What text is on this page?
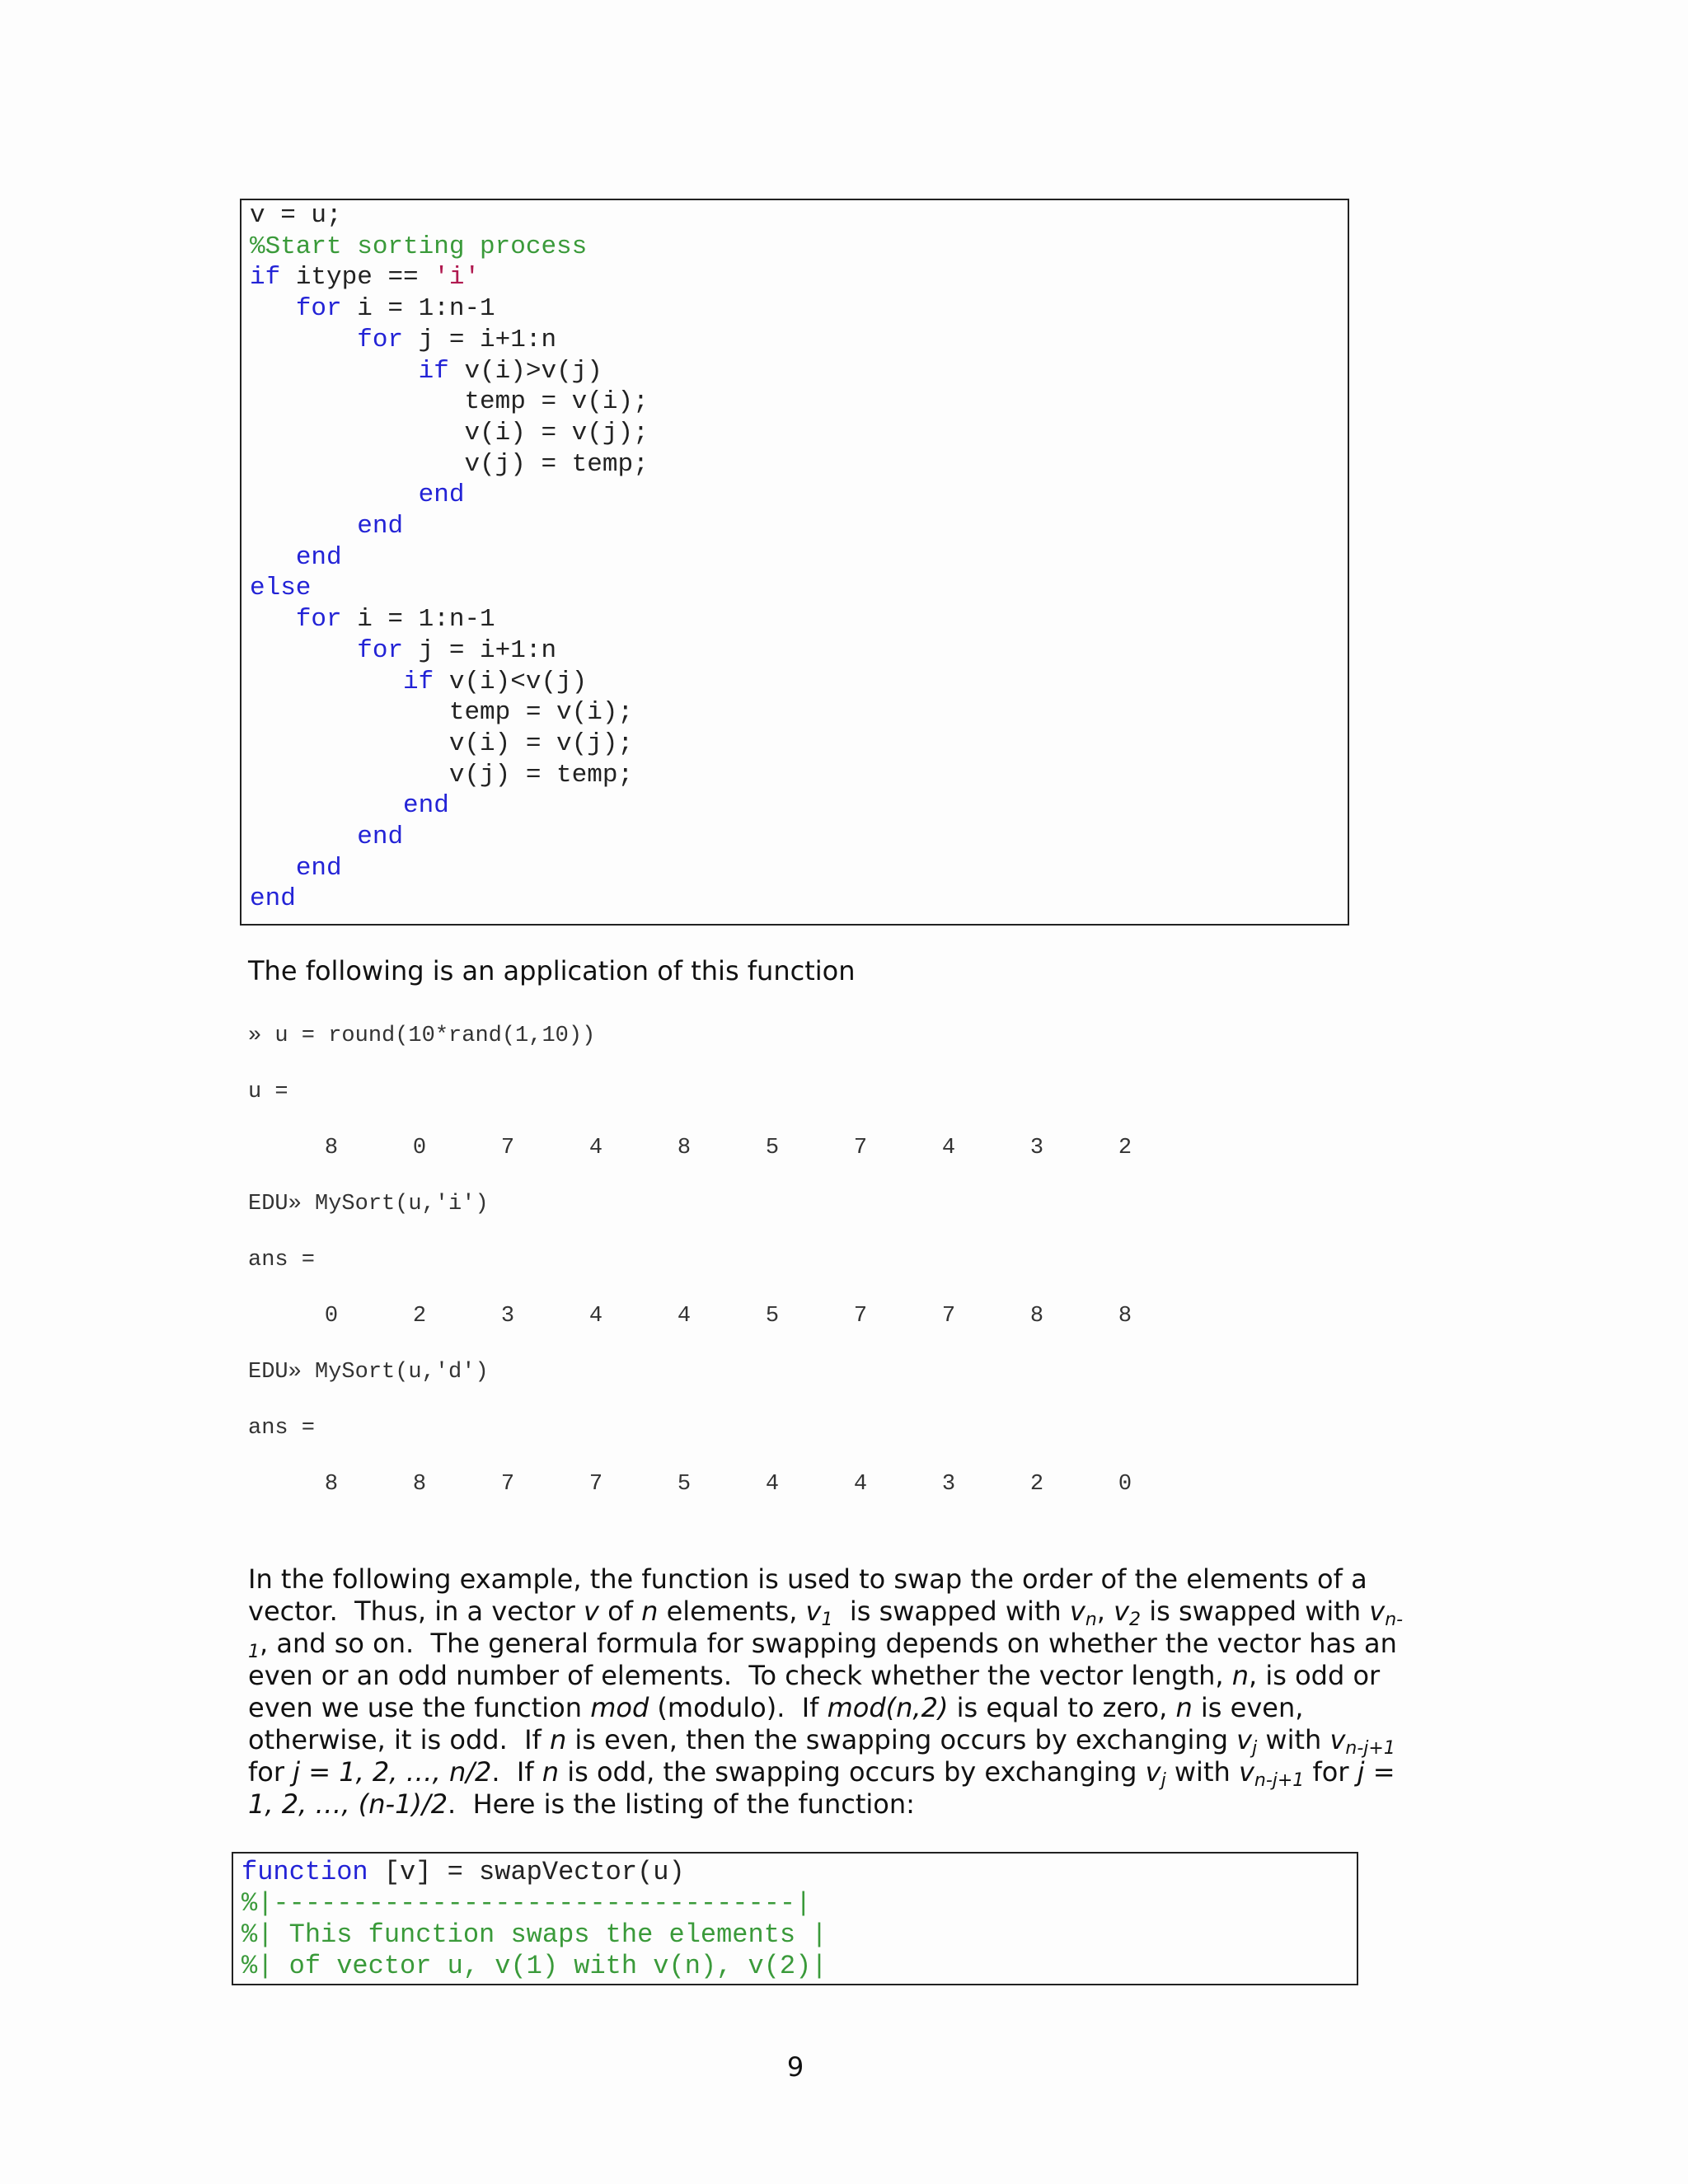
v = u;
%Start sorting process
if itype == 'i'
for i = 1:n-1
for j = i+1:n
if v(i)>v(j)
temp = v(i);
v(i) = v(j);
v(j) = temp;
end
end
end
else
for i = 1:n-1
for j = i+1:n
if v(i)<v(j)
temp = v(i);
v(i) = v(j);
v(j) = temp;
end
end
end
end
The following is an application of this function
» u = round(10*rand(1,10))
u =
8	0	7	4	8	5	7	4	3	2
EDU» MySort(u,'i')
ans =
0	2	3	4	4	5	7	7	8	8
EDU» MySort(u,'d')
ans =
8	8	7	7	5	4	4	3	2	0
In the following example, the function is used to swap the order of the elements of a
vector.  Thus, in a vector v of n elements, $v_1$  is swapped with $v_n$, $v_2$ is swapped with $v_{n-}$
$_1$, and so on.  The general formula for swapping depends on whether the vector has an
even or an odd number of elements.  To check whether the vector length, n, is odd or
even we use the function mod (modulo).  If mod(n,2) is equal to zero, n is even,
otherwise, it is odd.  If n is even, then the swapping occurs by exchanging $v_j$ with $v_{n-j+1}$
for j = 1, 2, …, n/2.  If n is odd, the swapping occurs by exchanging $v_j$ with $v_{n-j+1}$ for j =
1, 2, …, (n-1)/2.  Here is the listing of the function:
function [v] = swapVector(u)
%|---------------------------------|
%| This function swaps the elements |
%| of vector u, v(1) with v(n), v(2)|
9
